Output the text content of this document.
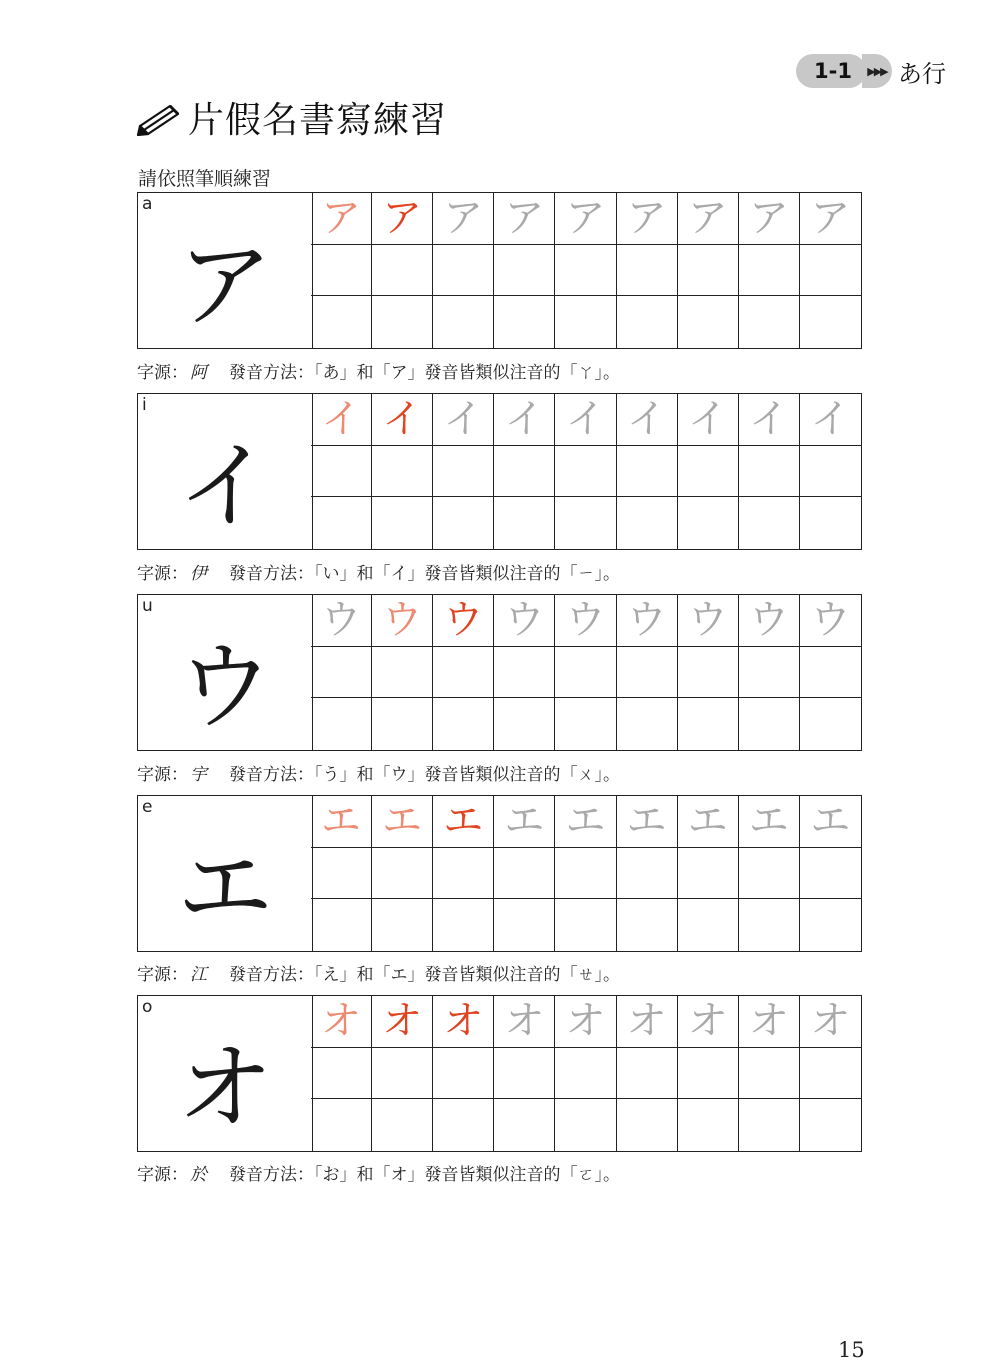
1-1	▶▶▶ あ行
片假名書寫練習
請依照筆順練習
a
ア
ア ア ア ア ア ア ア ア ア
字源： 阿 發音方法：「あ」和「ア」發音皆類似注音的「ㄚ」。
i
イ
イ イ イ イ イ イ イ イ イ
字源： 伊 發音方法：「い」和「イ」發音皆類似注音的「ㄧ」。
u
ウ
ウ ウ ウ ウ ウ ウ ウ ウ ウ
字源： 宇 發音方法：「う」和「ウ」發音皆類似注音的「ㄨ」。
e
エ
エ エ エ エ エ エ エ エ エ
字源： 江 發音方法：「え」和「エ」發音皆類似注音的「ㄝ」。
o
オ
オ オ オ オ オ オ オ オ オ
字源： 於 發音方法：「お」和「オ」發音皆類似注音的「ㄛ」。
15
